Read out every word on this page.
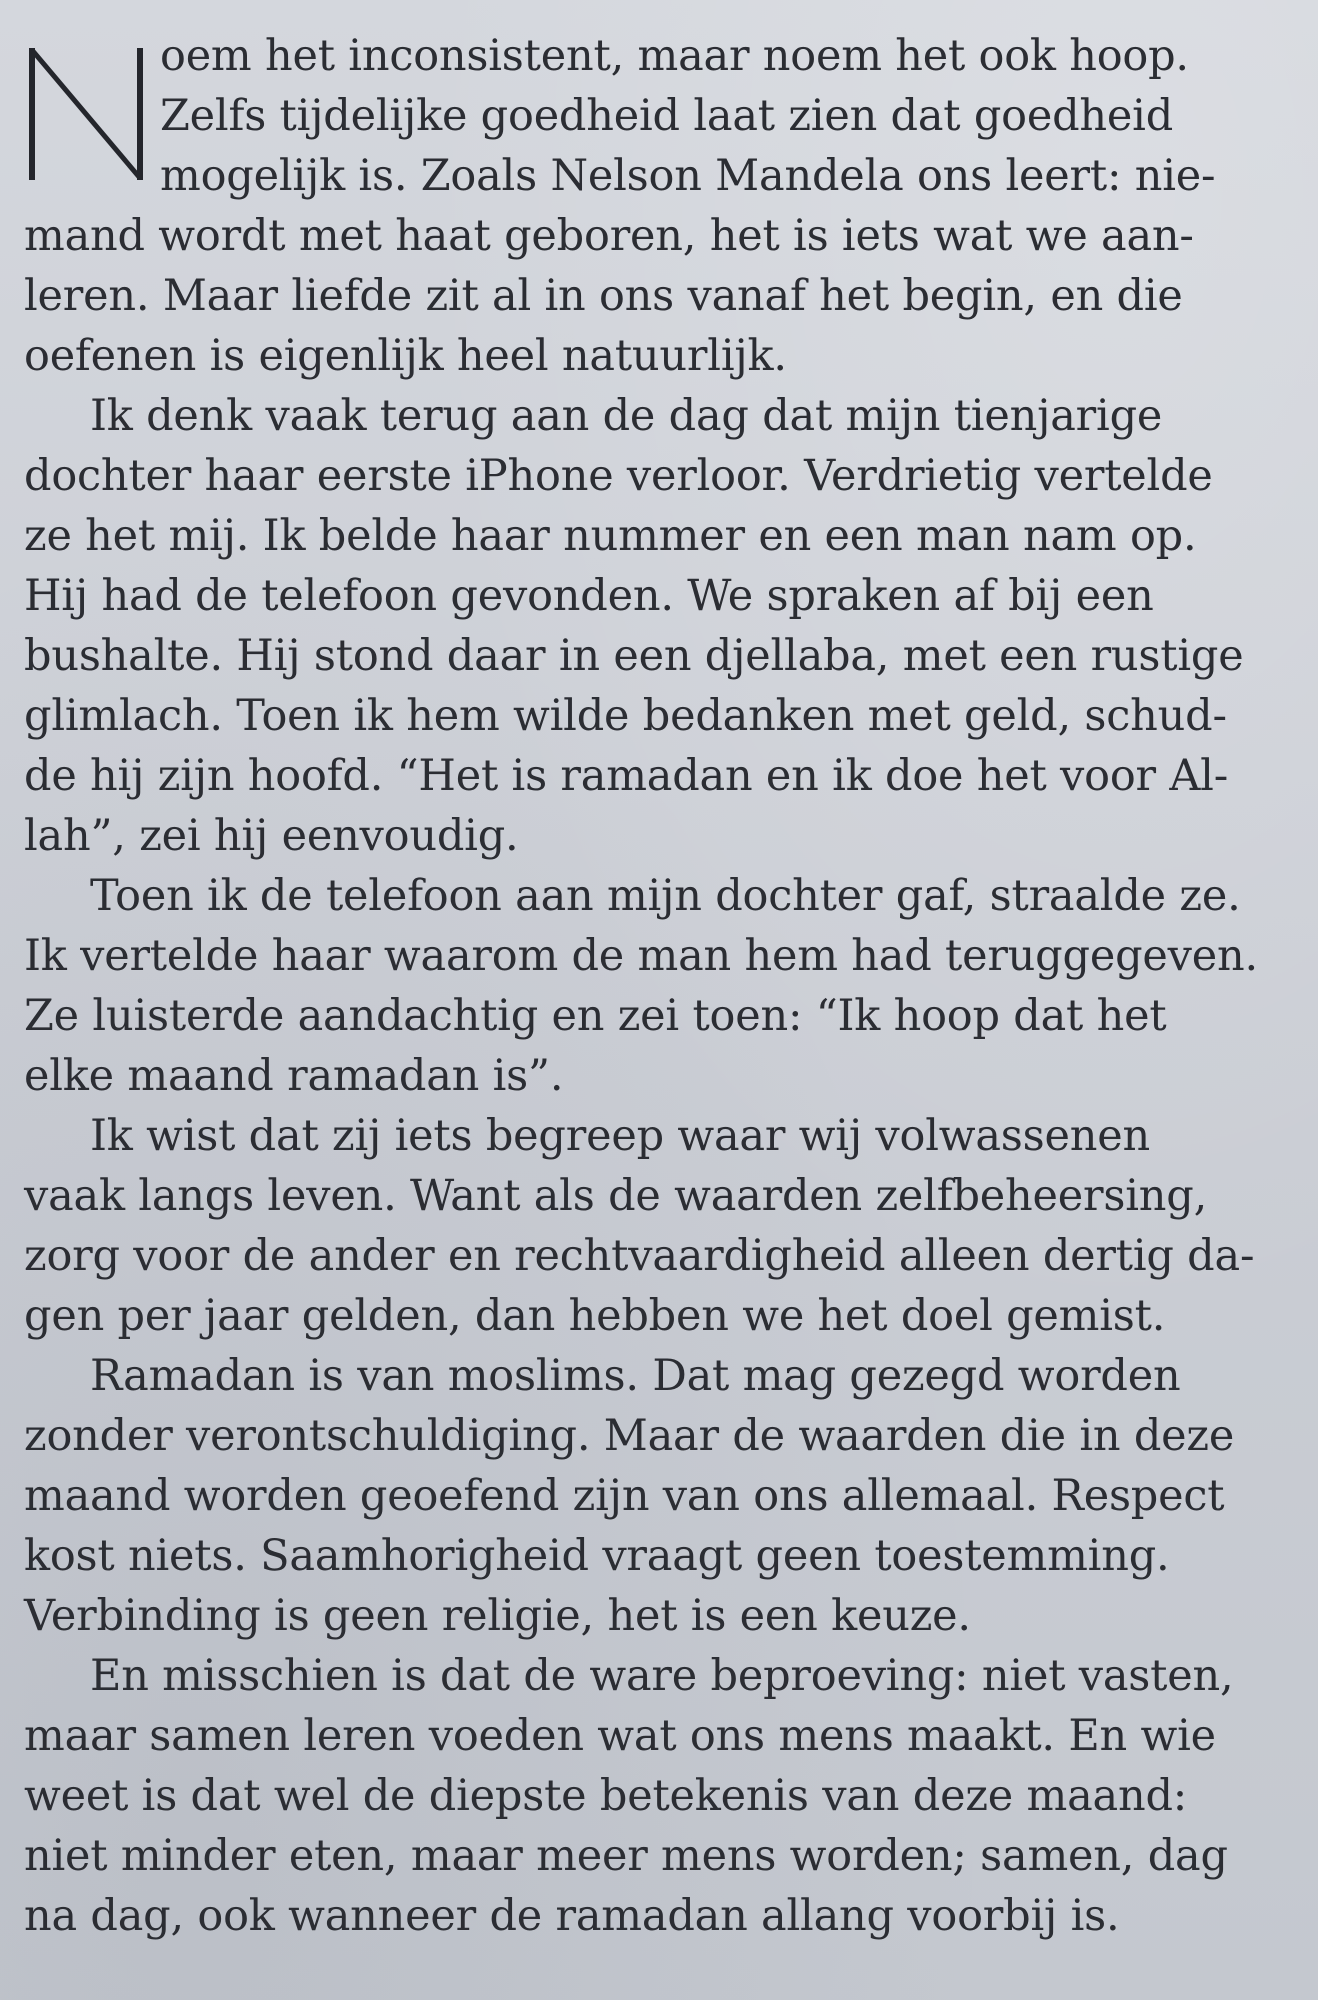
oem het inconsistent, maar noem het ook hoop.
Zelfs tijdelijke goedheid laat zien dat goedheid
mogelijk is. Zoals Nelson Mandela ons leert: nie-
mand wordt met haat geboren, het is iets wat we aan-
leren. Maar liefde zit al in ons vanaf het begin, en die
oefenen is eigenlijk heel natuurlijk.
Ik denk vaak terug aan de dag dat mijn tienjarige
dochter haar eerste iPhone verloor. Verdrietig vertelde
ze het mij. Ik belde haar nummer en een man nam op.
Hij had de telefoon gevonden. We spraken af bij een
bushalte. Hij stond daar in een djellaba, met een rustige
glimlach. Toen ik hem wilde bedanken met geld, schud-
de hij zijn hoofd. “Het is ramadan en ik doe het voor Al-
lah”, zei hij eenvoudig.
Toen ik de telefoon aan mijn dochter gaf, straalde ze.
Ik vertelde haar waarom de man hem had teruggegeven.
Ze luisterde aandachtig en zei toen: “Ik hoop dat het
elke maand ramadan is”.
Ik wist dat zij iets begreep waar wij volwassenen
vaak langs leven. Want als de waarden zelfbeheersing,
zorg voor de ander en rechtvaardigheid alleen dertig da-
gen per jaar gelden, dan hebben we het doel gemist.
Ramadan is van moslims. Dat mag gezegd worden
zonder verontschuldiging. Maar de waarden die in deze
maand worden geoefend zijn van ons allemaal. Respect
kost niets. Saamhorigheid vraagt geen toestemming.
Verbinding is geen religie, het is een keuze.
En misschien is dat de ware beproeving: niet vasten,
maar samen leren voeden wat ons mens maakt. En wie
weet is dat wel de diepste betekenis van deze maand:
niet minder eten, maar meer mens worden; samen, dag
na dag, ook wanneer de ramadan allang voorbij is.
